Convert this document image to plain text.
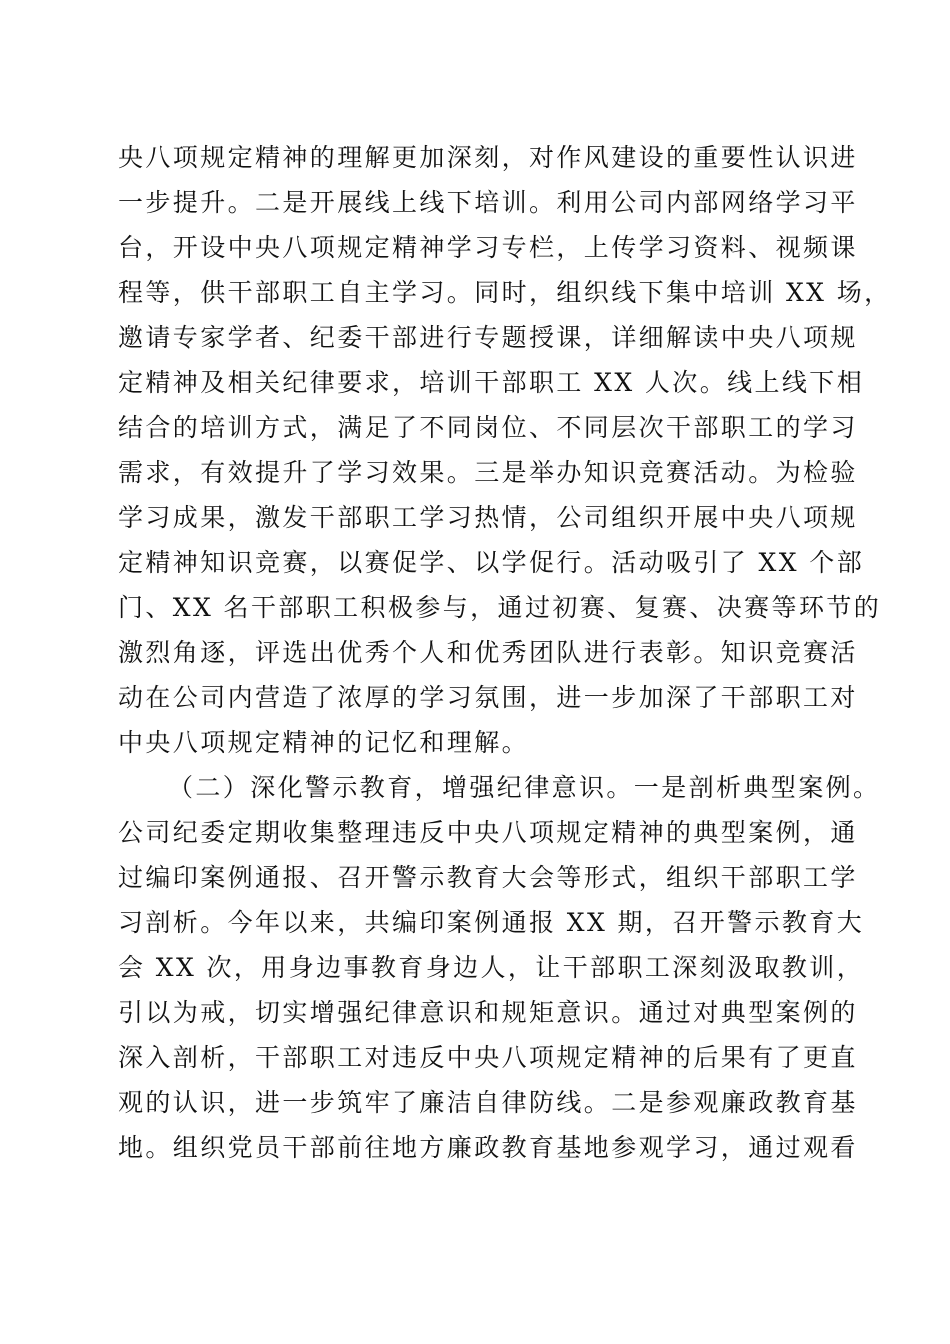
央八项规定精神的理解更加深刻，对作风建设的重要性认识进
一步提升。二是开展线上线下培训。利用公司内部网络学习平
台，开设中央八项规定精神学习专栏，上传学习资料、视频课
程等，供干部职工自主学习。同时，组织线下集中培训 XX 场，
邀请专家学者、纪委干部进行专题授课，详细解读中央八项规
定精神及相关纪律要求，培训干部职工 XX 人次。线上线下相
结合的培训方式，满足了不同岗位、不同层次干部职工的学习
需求，有效提升了学习效果。三是举办知识竞赛活动。为检验
学习成果，激发干部职工学习热情，公司组织开展中央八项规
定精神知识竞赛，以赛促学、以学促行。活动吸引了 XX 个部
门、XX 名干部职工积极参与，通过初赛、复赛、决赛等环节的
激烈角逐，评选出优秀个人和优秀团队进行表彰。知识竞赛活
动在公司内营造了浓厚的学习氛围，进一步加深了干部职工对
中央八项规定精神的记忆和理解。
（二）深化警示教育，增强纪律意识。一是剖析典型案例。
公司纪委定期收集整理违反中央八项规定精神的典型案例，通
过编印案例通报、召开警示教育大会等形式，组织干部职工学
习剖析。今年以来，共编印案例通报 XX 期，召开警示教育大
会 XX 次，用身边事教育身边人，让干部职工深刻汲取教训，
引以为戒，切实增强纪律意识和规矩意识。通过对典型案例的
深入剖析，干部职工对违反中央八项规定精神的后果有了更直
观的认识，进一步筑牢了廉洁自律防线。二是参观廉政教育基
地。组织党员干部前往地方廉政教育基地参观学习，通过观看
